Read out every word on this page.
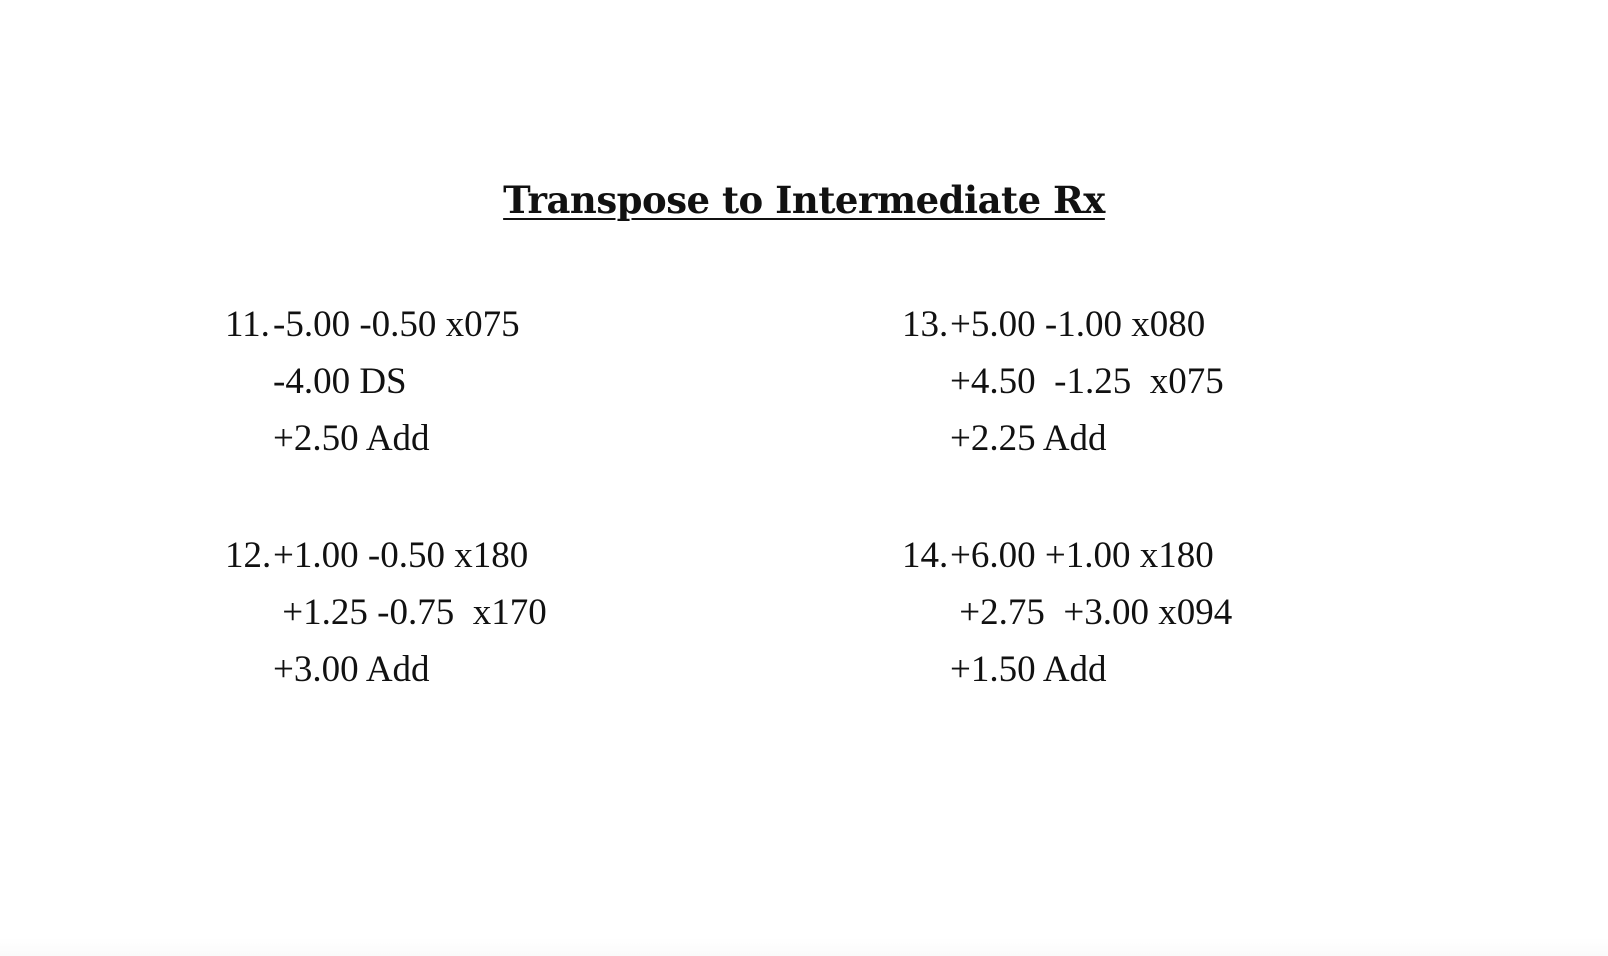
Transpose to Intermediate Rx
11.-5.00 -0.50 x075
-4.00 DS
+2.50 Add
12.+1.00 -0.50 x180
+1.25 -0.75  x170
+3.00 Add
13.+5.00 -1.00 x080
+4.50  -1.25  x075
+2.25 Add
14.+6.00 +1.00 x180
+2.75  +3.00 x094
+1.50 Add
